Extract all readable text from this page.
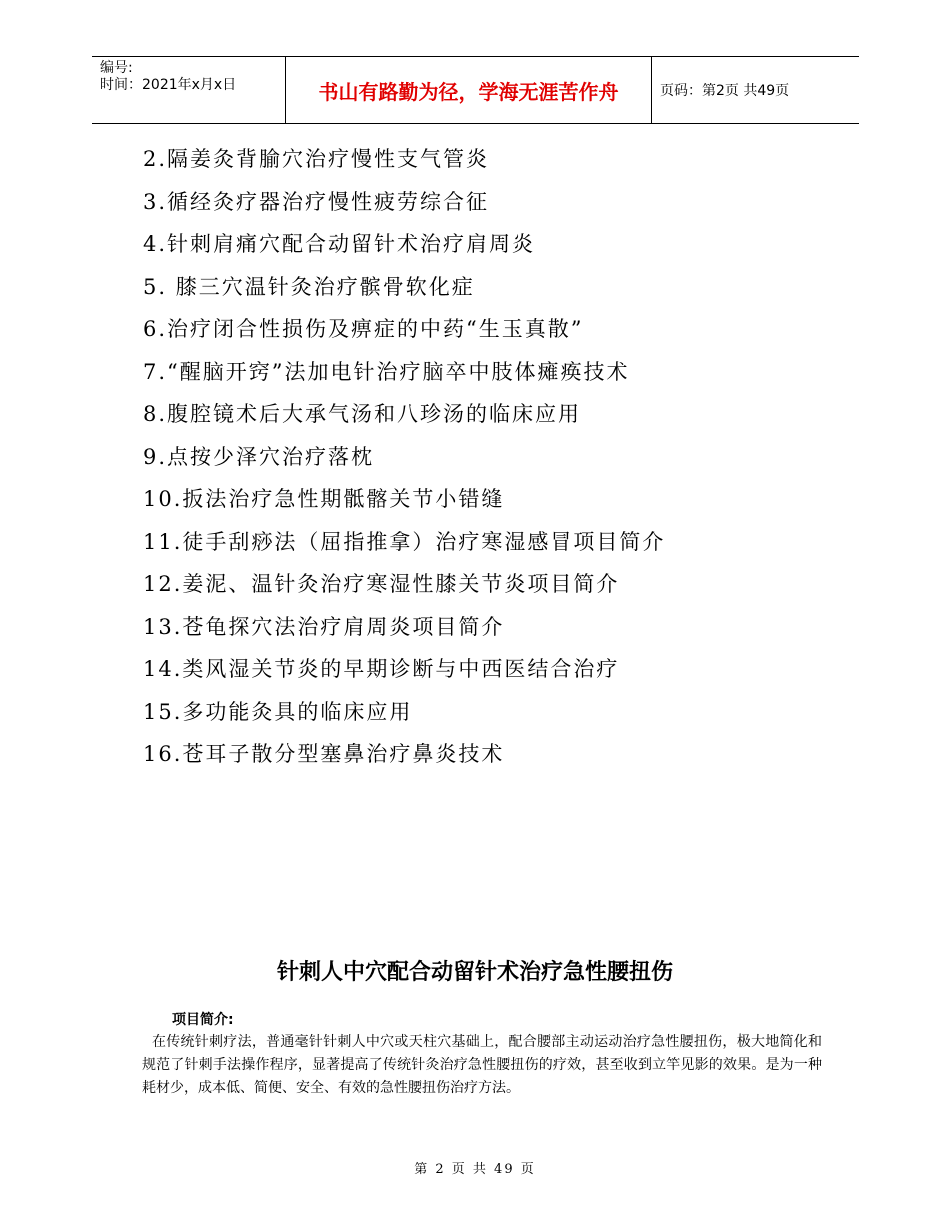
编号:
时间：2021年x月x日	书山有路勤为径，学海无涯苦作舟	页码：第2页 共49页
2.隔姜灸背腧穴治疗慢性支气管炎
3.循经灸疗器治疗慢性疲劳综合征
4.针刺肩痛穴配合动留针术治疗肩周炎
5. 膝三穴温针灸治疗髌骨软化症
6.治疗闭合性损伤及痹症的中药“生玉真散”
7.“醒脑开窍”法加电针治疗脑卒中肢体瘫痪技术
8.腹腔镜术后大承气汤和八珍汤的临床应用
9.点按少泽穴治疗落枕
10.扳法治疗急性期骶髂关节小错缝
11.徒手刮痧法（屈指推拿）治疗寒湿感冒项目简介
12.姜泥、温针灸治疗寒湿性膝关节炎项目简介
13.苍龟探穴法治疗肩周炎项目简介
14.类风湿关节炎的早期诊断与中西医结合治疗
15.多功能灸具的临床应用
16.苍耳子散分型塞鼻治疗鼻炎技术
针刺人中穴配合动留针术治疗急性腰扭伤
项目简介:
在传统针刺疗法，普通毫针针刺人中穴或天柱穴基础上，配合腰部主动运动治疗急性腰扭伤，极大地简化和规范了针刺手法操作程序，显著提高了传统针灸治疗急性腰扭伤的疗效，甚至收到立竿见影的效果。是为一种耗材少，成本低、简便、安全、有效的急性腰扭伤治疗方法。
第 2 页 共 49 页
